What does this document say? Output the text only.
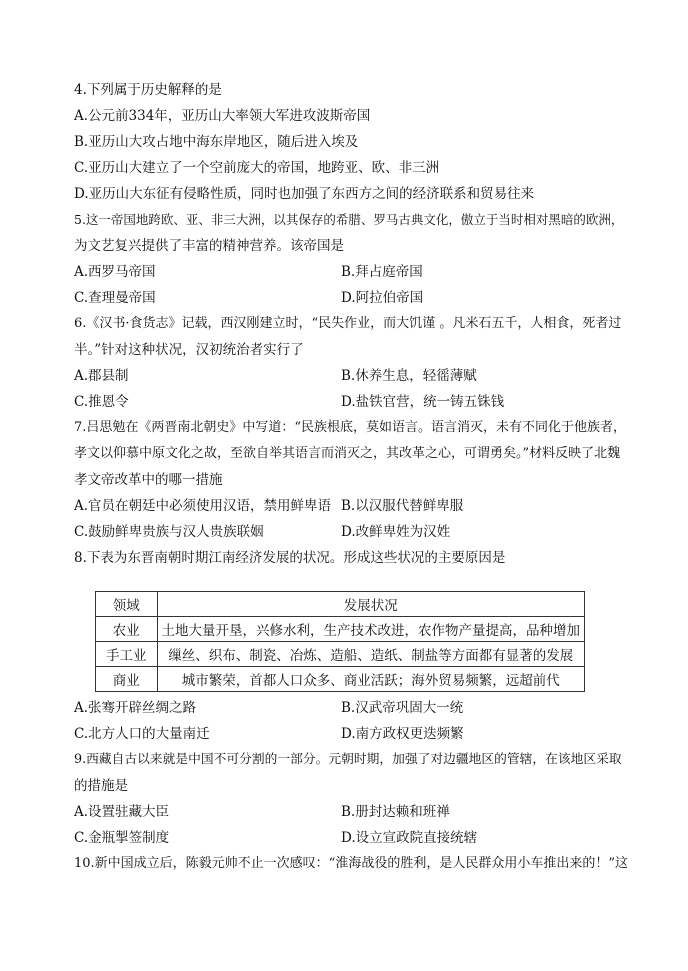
4.下列属于历史解释的是
A.公元前334年，亚历山大率领大军进攻波斯帝国
B.亚历山大攻占地中海东岸地区，随后进入埃及
C.亚历山大建立了一个空前庞大的帝国，地跨亚、欧、非三洲
D.亚历山大东征有侵略性质，同时也加强了东西方之间的经济联系和贸易往来
5.这一帝国地跨欧、亚、非三大洲，以其保存的希腊、罗马古典文化，傲立于当时相对黑暗的欧洲，
为文艺复兴提供了丰富的精神营养。该帝国是
A.西罗马帝国	B.拜占庭帝国
C.查理曼帝国	D.阿拉伯帝国
6.《汉书·食货志》记载，西汉刚建立时，“民失作业，而大饥谨 。凡米石五千，人相食，死者过
半。”针对这种状况，汉初统治者实行了
A.郡县制	B.休养生息，轻徭薄赋
C.推恩令	D.盐铁官营，统一铸五铢钱
7.吕思勉在《两晋南北朝史》中写道：“民族根底，莫如语言。语言消灭，未有不同化于他族者，
孝文以仰慕中原文化之故，至欲自举其语言而消灭之，其改革之心，可谓勇矣。”材料反映了北魏
孝文帝改革中的哪一措施
A.官员在朝廷中必须使用汉语，禁用鲜卑语 B.以汉服代替鲜卑服
C.鼓励鲜卑贵族与汉人贵族联姻	D.改鲜卑姓为汉姓
8.下表为东晋南朝时期江南经济发展的状况。形成这些状况的主要原因是
领域	发展状况
农业	土地大量开垦，兴修水利，生产技术改进，农作物产量提高，品种增加
手工业	缫丝、织布、制瓷、冶炼、造船、造纸、制盐等方面都有显著的发展
商业	城市繁荣，首都人口众多、商业活跃；海外贸易频繁，远超前代
A.张骞开辟丝绸之路	B.汉武帝巩固大一统
C.北方人口的大量南迁	D.南方政权更迭频繁
9.西藏自古以来就是中国不可分割的一部分。元朝时期，加强了对边疆地区的管辖，在该地区采取
的措施是
A.设置驻藏大臣	B.册封达赖和班禅
C.金瓶掣签制度	D.设立宣政院直接统辖
10.新中国成立后，陈毅元帅不止一次感叹：“淮海战役的胜利，是人民群众用小车推出来的！”这
